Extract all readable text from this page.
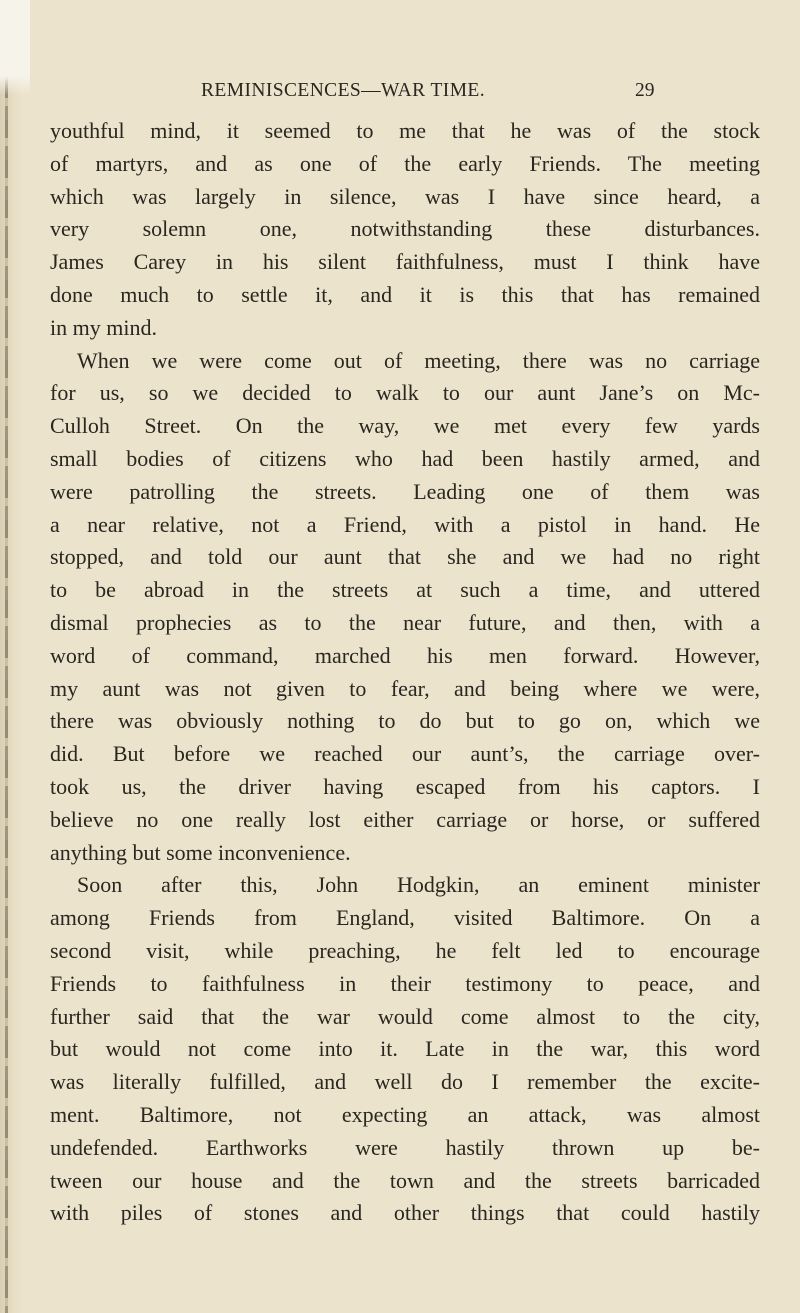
REMINISCENCES—WAR TIME.	29
youthful mind, it seemed to me that he was of the stock
of martyrs, and as one of the early Friends. The meeting
which was largely in silence, was I have since heard, a
very solemn one, notwithstanding these disturbances.
James Carey in his silent faithfulness, must I think have
done much to settle it, and it is this that has remained
in my mind.
When we were come out of meeting, there was no carriage
for us, so we decided to walk to our aunt Jane’s on Mc-
Culloh Street. On the way, we met every few yards
small bodies of citizens who had been hastily armed, and
were patrolling the streets. Leading one of them was
a near relative, not a Friend, with a pistol in hand. He
stopped, and told our aunt that she and we had no right
to be abroad in the streets at such a time, and uttered
dismal prophecies as to the near future, and then, with a
word of command, marched his men forward. However,
my aunt was not given to fear, and being where we were,
there was obviously nothing to do but to go on, which we
did. But before we reached our aunt’s, the carriage over-
took us, the driver having escaped from his captors. I
believe no one really lost either carriage or horse, or suffered
anything but some inconvenience.
Soon after this, John Hodgkin, an eminent minister
among Friends from England, visited Baltimore. On a
second visit, while preaching, he felt led to encourage
Friends to faithfulness in their testimony to peace, and
further said that the war would come almost to the city,
but would not come into it. Late in the war, this word
was literally fulfilled, and well do I remember the excite-
ment. Baltimore, not expecting an attack, was almost
undefended. Earthworks were hastily thrown up be-
tween our house and the town and the streets barricaded
with piles of stones and other things that could hastily
